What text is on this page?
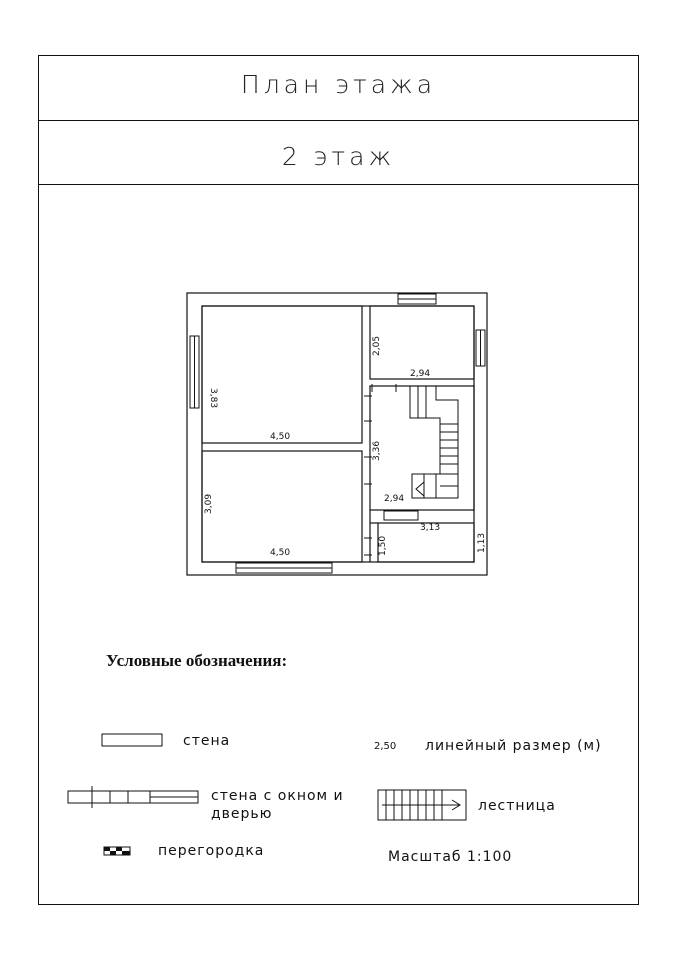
План этажа
2 этаж
4,50
3,83
4,50
3,09
2,05
2,94
3,36
2,94
3,13
1,13
1,50
Условные обозначения:
стена
стена с окном и
дверью
перегородка
2,50 линейный размер (м)
лестница
Масштаб 1:100
